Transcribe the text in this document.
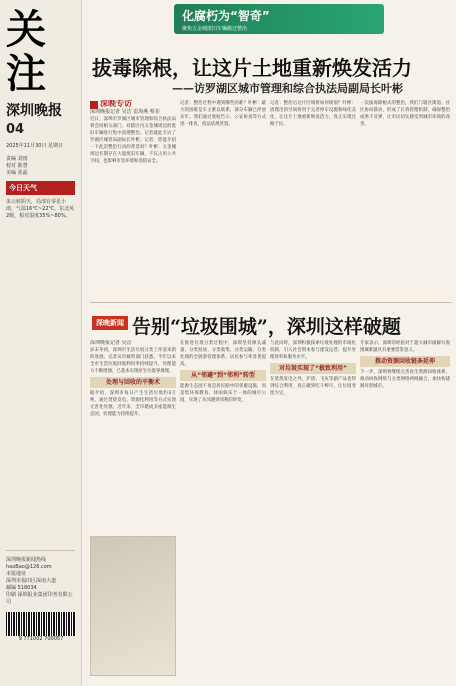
关注
深圳晚报
04
2025年11月30日 星期日
责编 刘雨
校对 陈慧
美编 张磊
今日天气
多云转阴天，局部有零星小雨，气温16℃~22℃，东北风2级，相对湿度35%~80%。
深圳晚报新闻热线
haoBao@126.com
本报地址
深圳市福田区深南大道
邮编 518034
印刷 深圳报业集团印务有限公司
9 771002 700057
化腐朽为“智奇”
聚焦五金城废旧车辆搬迁整治
拔毒除根，让这片土地重新焕发活力
——访罗湖区城市管理和综合执法局副局长叶彬
深晚专访
深圳晚报记者 吴洁 雷海燕 蔡菲

近日，深圳市罗湖区城市管理和综合执法局将会同相关部门，对辖区内五金城周边的废旧车辆进行集中清理整治。记者就此专访了罗湖区城管局副局长叶彬。记者：您能介绍一下此次整治行动的背景吗？叶彬：五金城周边长期存在大量废旧车辆，不仅占用公共空间，也影响市容环境和消防安全。

记者：整治过程中遇到哪些困难？叶彬：最大的困难是车主难以联系，部分车辆已停放多年。我们通过张贴告示、公安协查等方式逐一排查，依法依规处置。

记者：整治后这片区域将如何规划？叶彬：清理出的空间将用于完善停车设施和绿化美化，让这片土地重新焕发活力，真正实现还路于民。

一次拔毒除根式的整治，我们与辖区街道、社区协同联动，形成了长效管理机制，确保整治成果不反弹，让市民切实感受到城市环境的改善。

深晚新闻 告别“垃圾围城”，深圳这样破题
深圳晚报记者 吴洁

岁末冬初，深圳市生活垃圾分类工作迎来新的进展。记者从市城管部门获悉，今年以来全市生活垃圾回收利用率持续提升，处理能力不断增强，已基本实现原生垃圾零填埋。

处理与回收的平衡术

据介绍，深圳市每日产生生活垃圾约3万吨，通过焚烧发电、资源化利用等方式实现无害化处理。近年来，全市建成多座能源生态园，处理能力持续提升。

在推进垃圾分类过程中，深圳坚持源头减量、分类投放、分类收集、分类运输、分类处理的全链条管理体系，居民参与率显著提高。

从“邻避”到“邻利”转型

能源生态园不再是居民眼中的邻避设施，而是集环保教育、休闲娱乐于一体的城市公园，实现了从邻避到邻利的转变。

与此同时，深圳积极探索垃圾处理的市场化机制，引入社会资本参与建设运营，提升处理效率和服务水平。

对垃圾实现了“极致利用”

在焚烧发电之外，炉渣、飞灰等副产品也得到综合利用，真正做到吃干榨尽，让垃圾变废为宝。

专家表示，深圳的经验对于超大城市破解垃圾围城难题具有重要借鉴意义。

推动资源回收链条延伸

下一步，深圳将继续完善再生资源回收体系，推动回收网络与分类网络两网融合，加快构建循环型城市。
